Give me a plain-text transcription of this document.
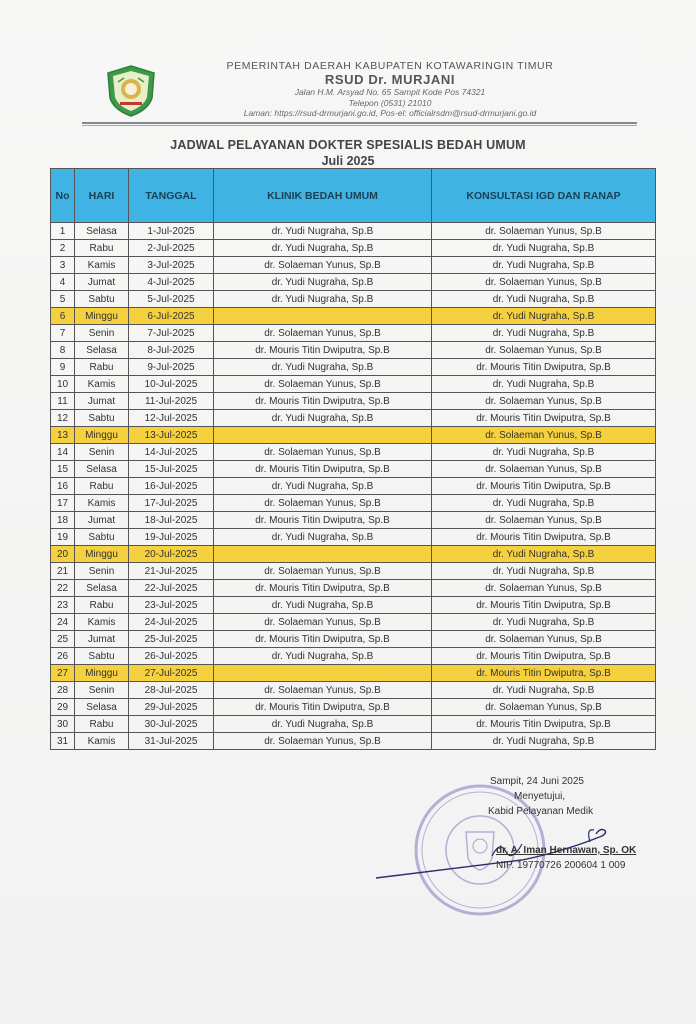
PEMERINTAH DAERAH KABUPATEN KOTAWARINGIN TIMUR
RSUD Dr. MURJANI
Jalan H.M. Arsyad No. 65 Sampit Kode Pos 74321
Telepon (0531) 21010
Laman: https://rsud-drmurjani.go.id, Pos-el: officialrsdm@rsud-drmurjani.go.id
JADWAL PELAYANAN DOKTER SPESIALIS BEDAH UMUM
Juli 2025
No	HARI	TANGGAL	KLINIK BEDAH UMUM	KONSULTASI IGD DAN RANAP
1	Selasa	1-Jul-2025	dr. Yudi Nugraha, Sp.B	dr. Solaeman Yunus, Sp.B
2	Rabu	2-Jul-2025	dr. Yudi Nugraha, Sp.B	dr. Yudi Nugraha, Sp.B
3	Kamis	3-Jul-2025	dr. Solaeman Yunus, Sp.B	dr. Yudi Nugraha, Sp.B
4	Jumat	4-Jul-2025	dr. Yudi Nugraha, Sp.B	dr. Solaeman Yunus, Sp.B
5	Sabtu	5-Jul-2025	dr. Yudi Nugraha, Sp.B	dr. Yudi Nugraha, Sp.B
6	Minggu	6-Jul-2025		dr. Yudi Nugraha, Sp.B
7	Senin	7-Jul-2025	dr. Solaeman Yunus, Sp.B	dr. Yudi Nugraha, Sp.B
8	Selasa	8-Jul-2025	dr. Mouris Titin Dwiputra, Sp.B	dr. Solaeman Yunus, Sp.B
9	Rabu	9-Jul-2025	dr. Yudi Nugraha, Sp.B	dr. Mouris Titin Dwiputra, Sp.B
10	Kamis	10-Jul-2025	dr. Solaeman Yunus, Sp.B	dr. Yudi Nugraha, Sp.B
11	Jumat	11-Jul-2025	dr. Mouris Titin Dwiputra, Sp.B	dr. Solaeman Yunus, Sp.B
12	Sabtu	12-Jul-2025	dr. Yudi Nugraha, Sp.B	dr. Mouris Titin Dwiputra, Sp.B
13	Minggu	13-Jul-2025		dr. Solaeman Yunus, Sp.B
14	Senin	14-Jul-2025	dr. Solaeman Yunus, Sp.B	dr. Yudi Nugraha, Sp.B
15	Selasa	15-Jul-2025	dr. Mouris Titin Dwiputra, Sp.B	dr. Solaeman Yunus, Sp.B
16	Rabu	16-Jul-2025	dr. Yudi Nugraha, Sp.B	dr. Mouris Titin Dwiputra, Sp.B
17	Kamis	17-Jul-2025	dr. Solaeman Yunus, Sp.B	dr. Yudi Nugraha, Sp.B
18	Jumat	18-Jul-2025	dr. Mouris Titin Dwiputra, Sp.B	dr. Solaeman Yunus, Sp.B
19	Sabtu	19-Jul-2025	dr. Yudi Nugraha, Sp.B	dr. Mouris Titin Dwiputra, Sp.B
20	Minggu	20-Jul-2025		dr. Yudi Nugraha, Sp.B
21	Senin	21-Jul-2025	dr. Solaeman Yunus, Sp.B	dr. Yudi Nugraha, Sp.B
22	Selasa	22-Jul-2025	dr. Mouris Titin Dwiputra, Sp.B	dr. Solaeman Yunus, Sp.B
23	Rabu	23-Jul-2025	dr. Yudi Nugraha, Sp.B	dr. Mouris Titin Dwiputra, Sp.B
24	Kamis	24-Jul-2025	dr. Solaeman Yunus, Sp.B	dr. Yudi Nugraha, Sp.B
25	Jumat	25-Jul-2025	dr. Mouris Titin Dwiputra, Sp.B	dr. Solaeman Yunus, Sp.B
26	Sabtu	26-Jul-2025	dr. Yudi Nugraha, Sp.B	dr. Mouris Titin Dwiputra, Sp.B
27	Minggu	27-Jul-2025		dr. Mouris Titin Dwiputra, Sp.B
28	Senin	28-Jul-2025	dr. Solaeman Yunus, Sp.B	dr. Yudi Nugraha, Sp.B
29	Selasa	29-Jul-2025	dr. Mouris Titin Dwiputra, Sp.B	dr. Solaeman Yunus, Sp.B
30	Rabu	30-Jul-2025	dr. Yudi Nugraha, Sp.B	dr. Mouris Titin Dwiputra, Sp.B
31	Kamis	31-Jul-2025	dr. Solaeman Yunus, Sp.B	dr. Yudi Nugraha, Sp.B
Sampit, 24 Juni 2025
Menyetujui,
Kabid Pelayanan Medik
dr. A. Iman Hernawan, Sp. OK
NIP. 19770726 200604 1 009
